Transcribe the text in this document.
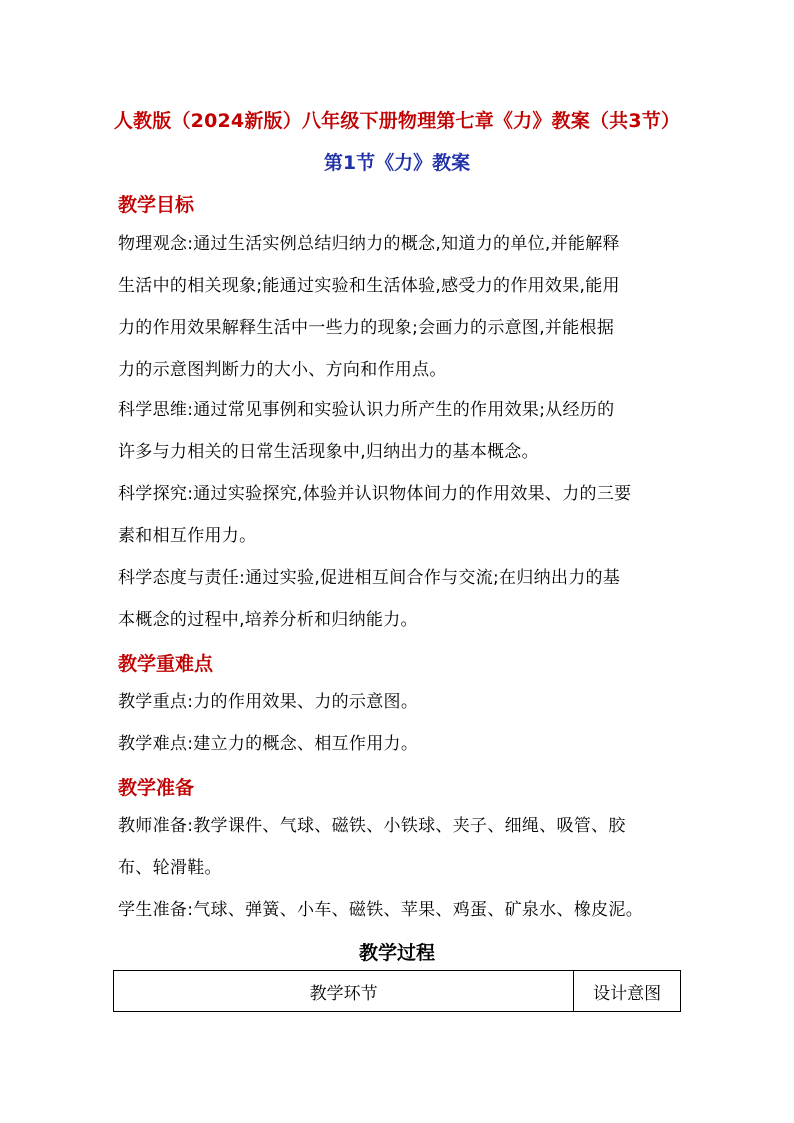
人教版（2024新版）八年级下册物理第七章《力》教案（共3节）
第1节《力》教案
教学目标
物理观念:通过生活实例总结归纳力的概念,知道力的单位,并能解释
生活中的相关现象;能通过实验和生活体验,感受力的作用效果,能用
力的作用效果解释生活中一些力的现象;会画力的示意图,并能根据
力的示意图判断力的大小、方向和作用点。
科学思维:通过常见事例和实验认识力所产生的作用效果;从经历的
许多与力相关的日常生活现象中,归纳出力的基本概念。
科学探究:通过实验探究,体验并认识物体间力的作用效果、力的三要
素和相互作用力。
科学态度与责任:通过实验,促进相互间合作与交流;在归纳出力的基
本概念的过程中,培养分析和归纳能力。
教学重难点
教学重点:力的作用效果、力的示意图。
教学难点:建立力的概念、相互作用力。
教学准备
教师准备:教学课件、气球、磁铁、小铁球、夹子、细绳、吸管、胶
布、轮滑鞋。
学生准备:气球、弹簧、小车、磁铁、苹果、鸡蛋、矿泉水、橡皮泥。
教学过程
教学环节	设计意图
